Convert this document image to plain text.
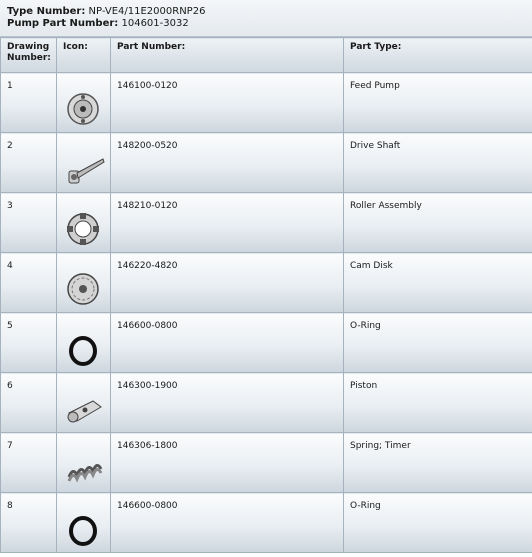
Type Number: NP-VE4/11E2000RNP26
Pump Part Number: 104601-3032
Drawing Number:	Icon:	Part Number:	Part Type:
1		146100-0120	Feed Pump
2		148200-0520	Drive Shaft
3		148210-0120	Roller Assembly
4		146220-4820	Cam Disk
5		146600-0800	O-Ring
6		146300-1900	Piston
7		146306-1800	Spring; Timer
8		146600-0800	O-Ring
